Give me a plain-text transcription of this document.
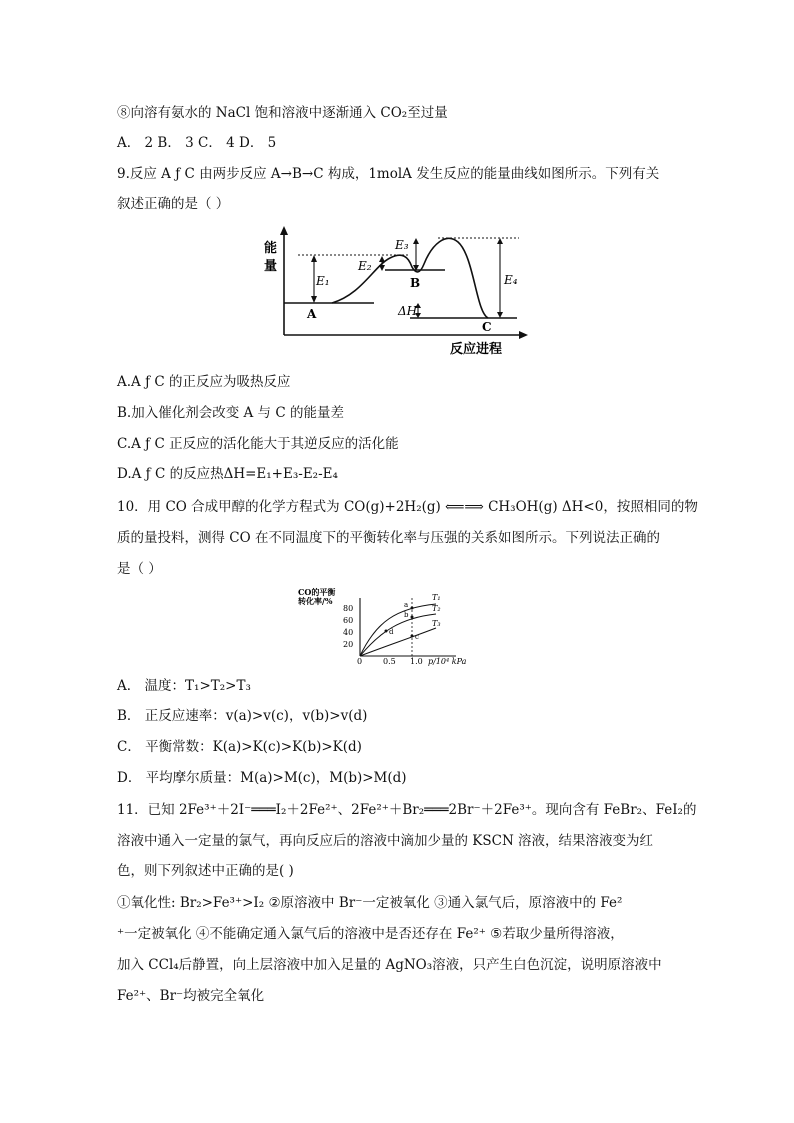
⑧向溶有氨水的 NaCl 饱和溶液中逐渐通入 CO₂至过量
A． 2 B． 3 C． 4 D． 5
9.反应 A ƒ C 由两步反应 A→B→C 构成，1molA 发生反应的能量曲线如图所示。下列有关
叙述正确的是（ ）
能
量
反应进程
E₁
E₂
E₃
E₄
ΔH
A
B
C
A.A ƒ C 的正反应为吸热反应
B.加入催化剂会改变 A 与 C 的能量差
C.A ƒ C 正反应的活化能大于其逆反应的活化能
D.A ƒ C 的反应热ΔH=E₁+E₃-E₂-E₄
10．用 CO 合成甲醇的化学方程式为 CO(g)+2H₂(g) ⟸⟹ CH₃OH(g) ΔH<0，按照相同的物
质的量投料，测得 CO 在不同温度下的平衡转化率与压强的关系如图所示。下列说法正确的
是（ ）
CO的平衡
转化率/%
80
60
40
20
0	0.5 1.0 p/10⁴ kPa
T₁
T₂
T₃
a
b
c
d
A． 温度：T₁>T₂>T₃
B． 正反应速率：v(a)>v(c)，v(b)>v(d)
C． 平衡常数：K(a)>K(c)>K(b)>K(d)
D． 平均摩尔质量：M(a)>M(c)，M(b)>M(d)
11．已知 2Fe³⁺＋2I⁻═══I₂＋2Fe²⁺、2Fe²⁺＋Br₂═══2Br⁻＋2Fe³⁺。现向含有 FeBr₂、FeI₂的
溶液中通入一定量的氯气，再向反应后的溶液中滴加少量的 KSCN 溶液，结果溶液变为红
色，则下列叙述中正确的是( )
①氧化性: Br₂>Fe³⁺>I₂ ②原溶液中 Br⁻一定被氧化 ③通入氯气后，原溶液中的 Fe²
⁺一定被氧化 ④不能确定通入氯气后的溶液中是否还存在 Fe²⁺ ⑤若取少量所得溶液，
加入 CCl₄后静置，向上层溶液中加入足量的 AgNO₃溶液，只产生白色沉淀，说明原溶液中
Fe²⁺、Br⁻均被完全氧化
